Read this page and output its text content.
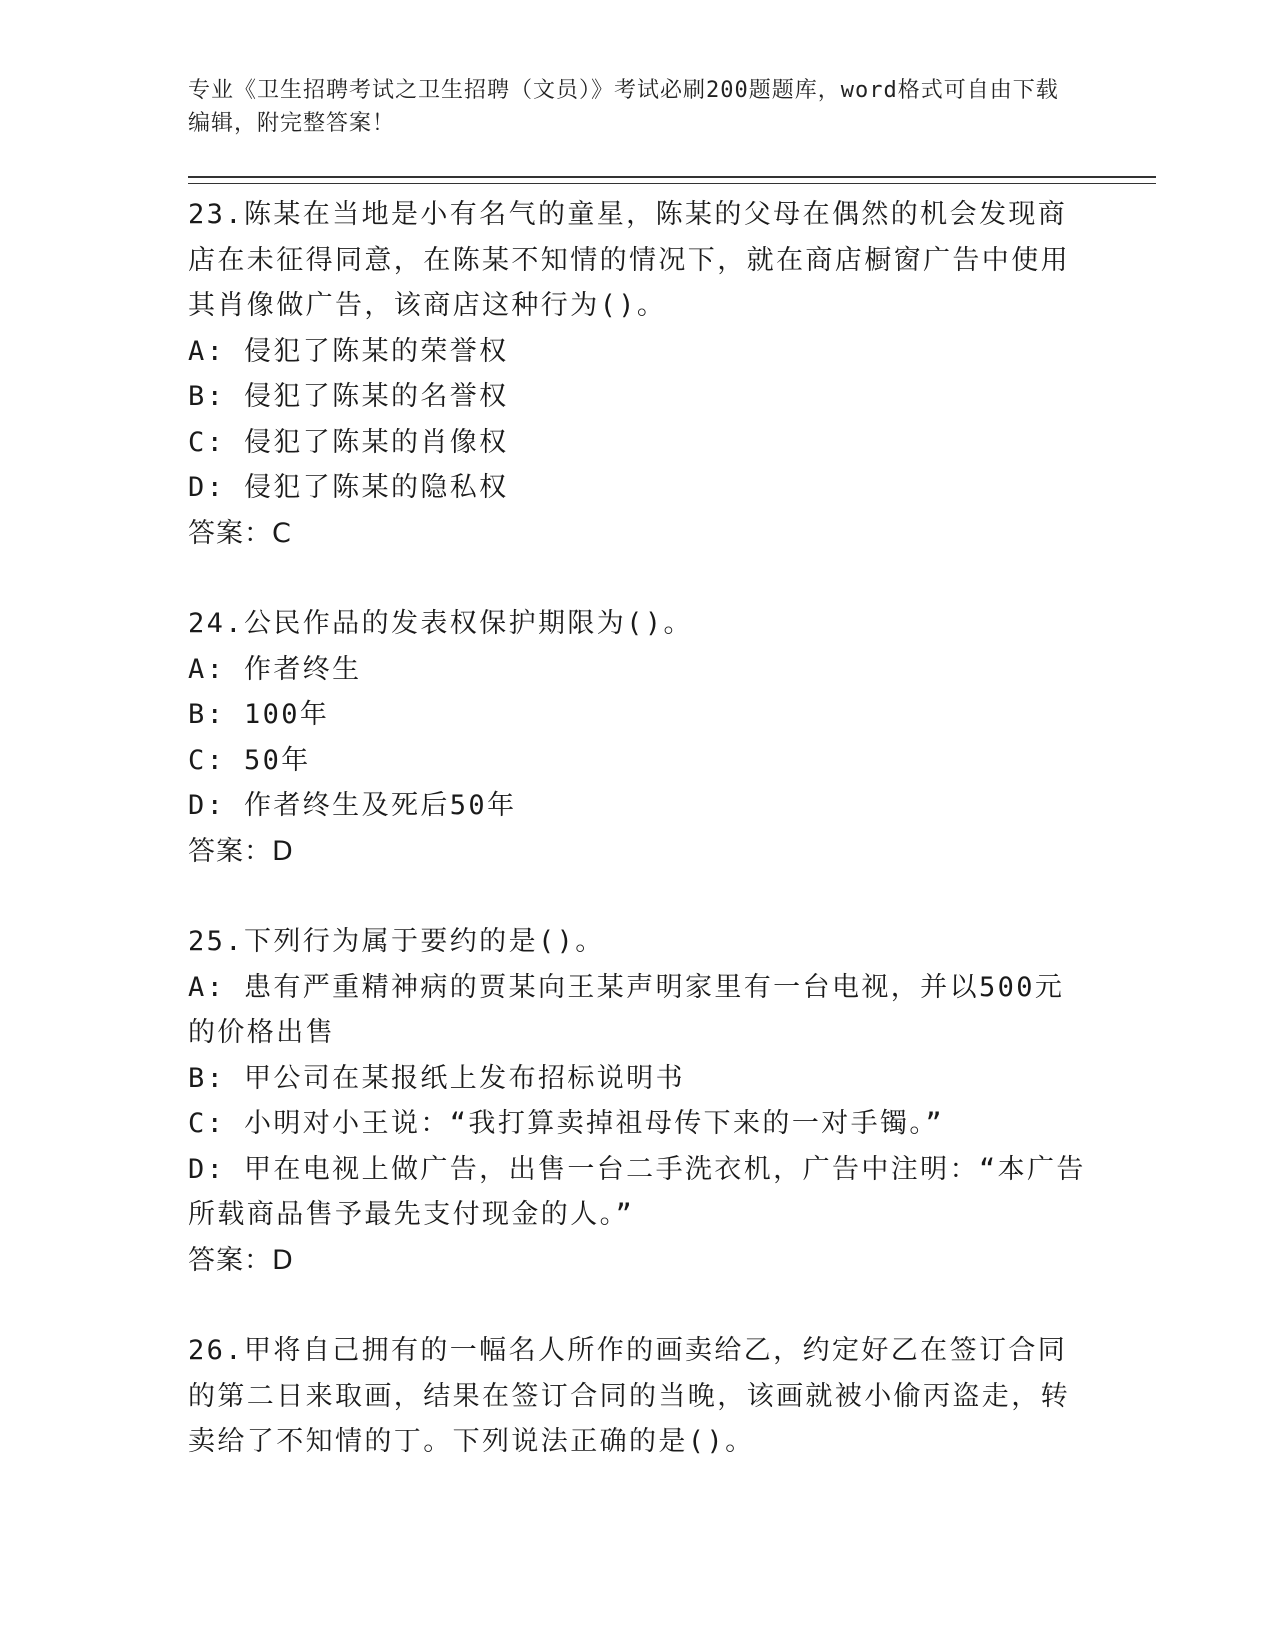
专业《卫生招聘考试之卫生招聘（文员）》考试必刷200题题库，word格式可自由下载编辑，附完整答案！

23.陈某在当地是小有名气的童星，陈某的父母在偶然的机会发现商店在未征得同意，在陈某不知情的情况下，就在商店橱窗广告中使用其肖像做广告，该商店这种行为()。

A: 侵犯了陈某的荣誉权

B: 侵犯了陈某的名誉权

C: 侵犯了陈某的肖像权

D: 侵犯了陈某的隐私权

答案：C

24.公民作品的发表权保护期限为()。

A: 作者终生

B: 100年

C: 50年

D: 作者终生及死后50年

答案：D

25.下列行为属于要约的是()。

A: 患有严重精神病的贾某向王某声明家里有一台电视，并以500元的价格出售

B: 甲公司在某报纸上发布招标说明书

C: 小明对小王说：“我打算卖掉祖母传下来的一对手镯。”

D: 甲在电视上做广告，出售一台二手洗衣机，广告中注明：“本广告所载商品售予最先支付现金的人。”

答案：D

26.甲将自己拥有的一幅名人所作的画卖给乙，约定好乙在签订合同的第二日来取画，结果在签订合同的当晚，该画就被小偷丙盗走，转卖给了不知情的丁。下列说法正确的是()。
